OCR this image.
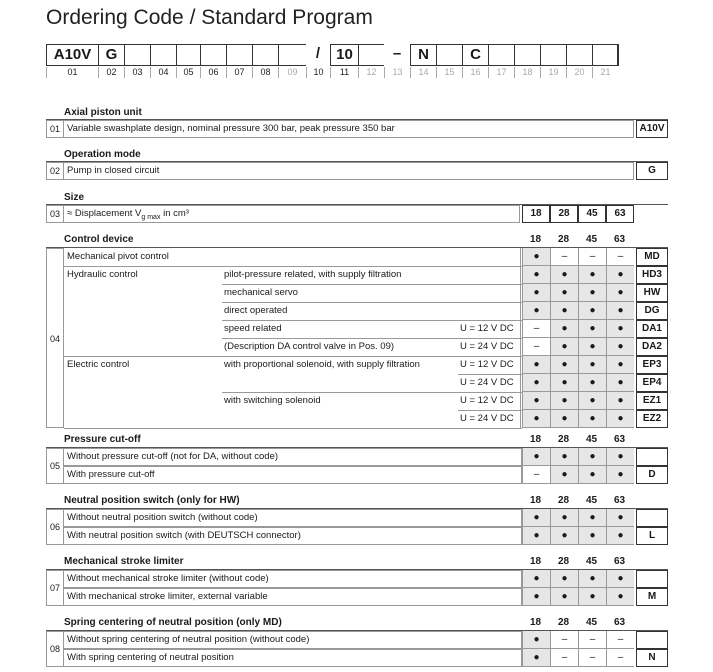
Ordering Code / Standard Program
A10V G	/	10	–	N	C
01	02	03	04	05	06	07	08	09	10	11	12	13	14	15	16	17	18	19	20	21
Axial piston unit
01 Variable swashplate design, nominal pressure 300 bar, peak pressure 350 bar	A10V
Operation mode
02 Pump in closed circuit	G
Size
03 ≈ Displacement $V_{g max}$ in cm³	18	28	45	63
Control device	18	28	45	63
04
Mechanical pivot control	●	–	–	–	MD
Hydraulic control	pilot-pressure related, with supply filtration	●	●	●	●	HD3
mechanical servo	●	●	●	●	HW
direct operated	●	●	●	●	DG
speed related	U = 12 V DC	–	●	●	●	DA1
(Description DA control valve in Pos. 09)	U = 24 V DC	–	●	●	●	DA2
Electric control	with proportional solenoid, with supply filtration	U = 12 V DC	●	●	●	●	EP3
U = 24 V DC	●	●	●	●	EP4
with switching solenoid	U = 12 V DC	●	●	●	●	EZ1
U = 24 V DC	●	●	●	●	EZ2
Pressure cut-off	18	28	45	63
05
Without pressure cut-off (not for DA, without code)	●	●	●	●
With pressure cut-off	–	●	●	●	D
Neutral position switch (only for HW)	18	28	45	63
06
Without neutral position switch (without code)	●	●	●	●
With neutral position switch (with DEUTSCH connector)	●	●	●	●	L
Mechanical stroke limiter	18	28	45	63
07
Without mechanical stroke limiter (without code)	●	●	●	●
With mechanical stroke limiter, external variable	●	●	●	●	M
Spring centering of neutral position (only MD)	18	28	45	63
08
Without spring centering of neutral position (without code)	●	–	–	–
With spring centering of neutral position	●	–	–	–	N
